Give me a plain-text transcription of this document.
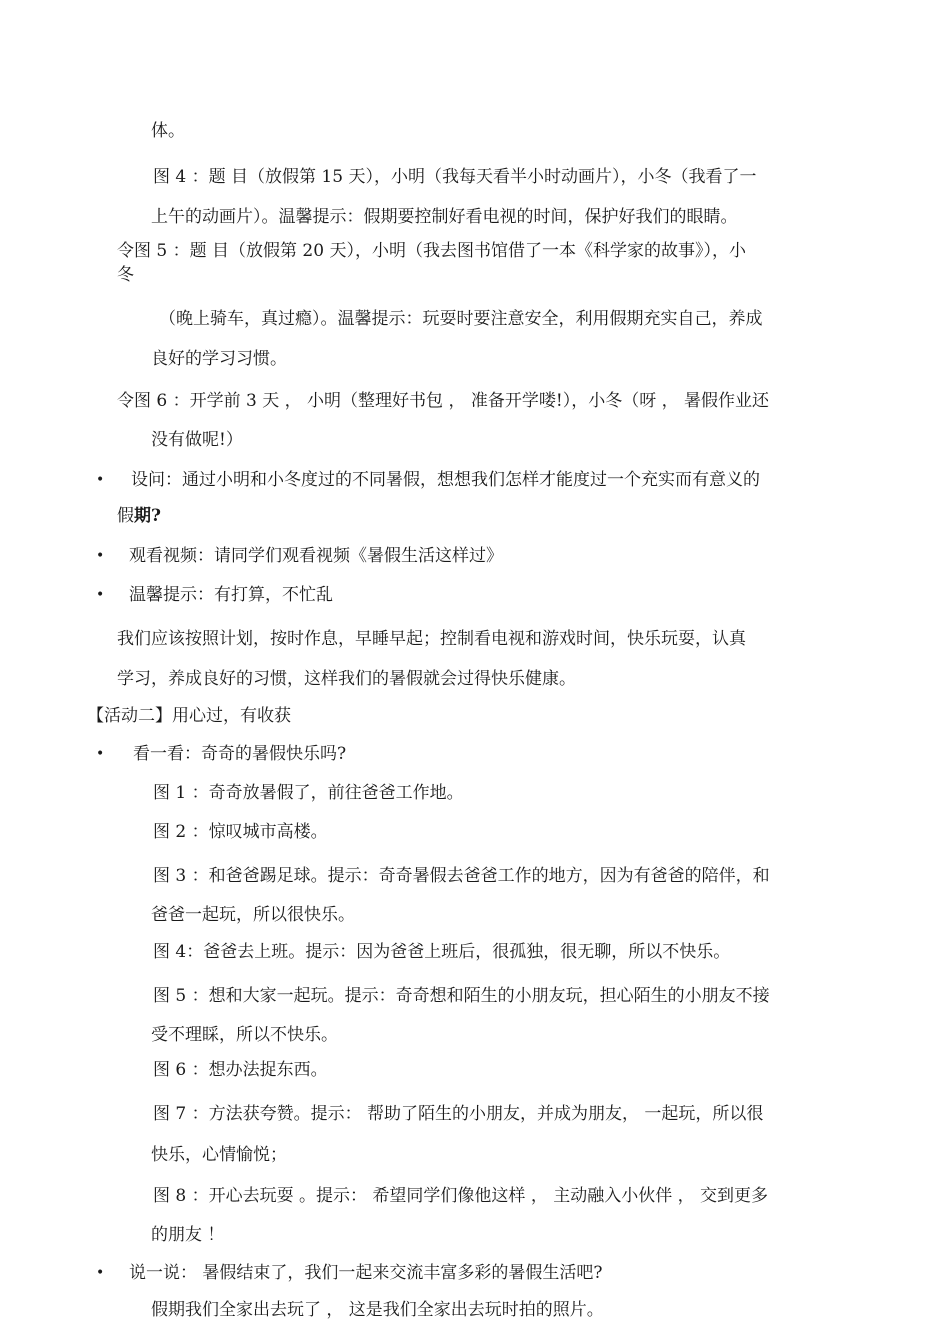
体。
图 4 ：题 目（放假第 15 天），小明（我每天看半小时动画片），小冬（我看了一
上午的动画片）。温馨提示：假期要控制好看电视的时间，保护好我们的眼睛。
令图 5 ：题 目（放假第 20 天），小明（我去图书馆借了一本《科学家的故事》），小
冬
（晚上骑车，真过瘾）。温馨提示：玩耍时要注意安全，利用假期充实自己，养成
良好的学习习惯。
令图 6 ：开学前 3 天 ， 小明（整理好书包 ， 准备开学喽!），小冬（呀 ， 暑假作业还
没有做呢!）
• 设问：通过小明和小冬度过的不同暑假，想想我们怎样才能度过一个充实而有意义的
假期?
• 观看视频：请同学们观看视频《暑假生活这样过》
• 温馨提示：有打算，不忙乱
我们应该按照计划，按时作息，早睡早起；控制看电视和游戏时间，快乐玩耍，认真
学习，养成良好的习惯，这样我们的暑假就会过得快乐健康。
【活动二】用心过，有收获
• 看一看：奇奇的暑假快乐吗?
图 1 ：奇奇放暑假了，前往爸爸工作地。
图 2 ：惊叹城市高楼。
图 3 ：和爸爸踢足球。提示：奇奇暑假去爸爸工作的地方，因为有爸爸的陪伴，和
爸爸一起玩，所以很快乐。
图 4：爸爸去上班。提示：因为爸爸上班后，很孤独，很无聊，所以不快乐。
图 5 ：想和大家一起玩。提示：奇奇想和陌生的小朋友玩，担心陌生的小朋友不接
受不理睬，所以不快乐。
图 6 ：想办法捉东西。
图 7 ：方法获夸赞。提示： 帮助了陌生的小朋友，并成为朋友， 一起玩，所以很
快乐，心情愉悦；
图 8 ：开心去玩耍 。提示： 希望同学们像他这样 ， 主动融入小伙伴 ， 交到更多
的朋友 ！
• 说一说： 暑假结束了，我们一起来交流丰富多彩的暑假生活吧?
假期我们全家出去玩了 ， 这是我们全家出去玩时拍的照片。
